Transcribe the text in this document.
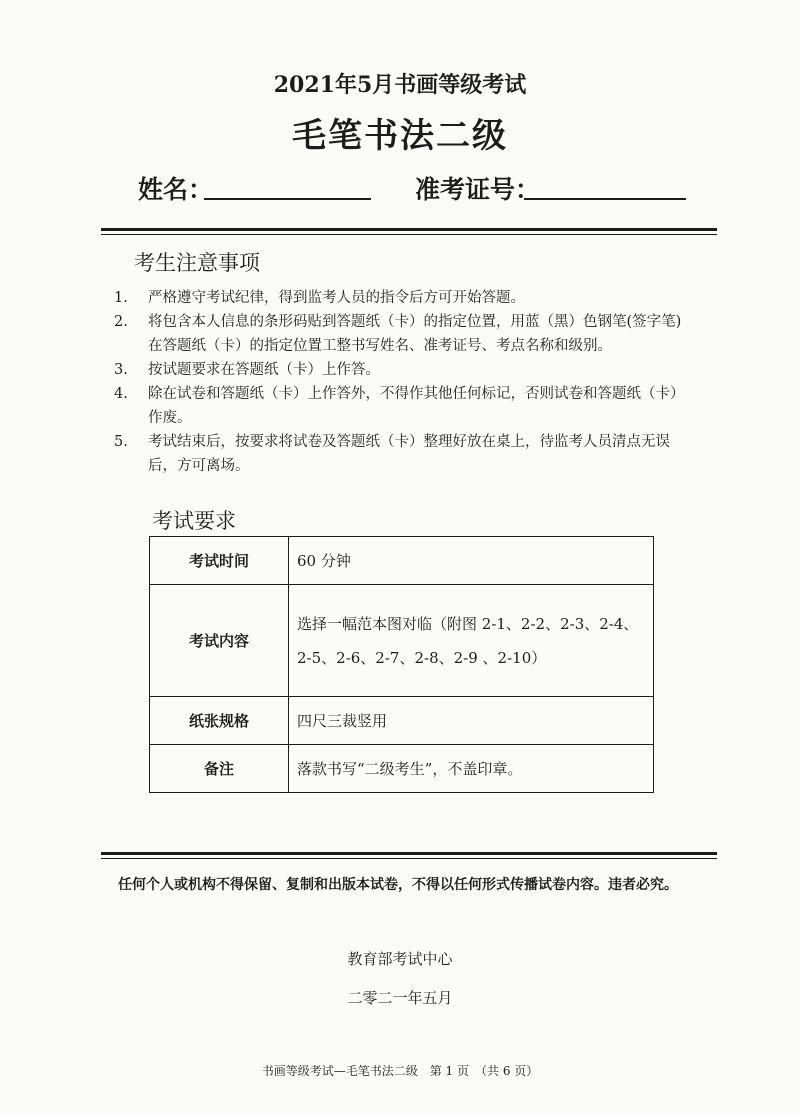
2021年5月书画等级考试
毛笔书法二级
姓名：	准考证号：
考生注意事项
1. 严格遵守考试纪律，得到监考人员的指令后方可开始答题。
2. 将包含本人信息的条形码贴到答题纸（卡）的指定位置，用蓝（黑）色钢笔(签字笔)在答题纸（卡）的指定位置工整书写姓名、准考证号、考点名称和级别。
3. 按试题要求在答题纸（卡）上作答。
4. 除在试卷和答题纸（卡）上作答外，不得作其他任何标记，否则试卷和答题纸（卡）作废。
5. 考试结束后，按要求将试卷及答题纸（卡）整理好放在桌上，待监考人员清点无误后，方可离场。
考试要求
考试时间	60 分钟
考试内容	选择一幅范本图对临（附图 2-1、2-2、2-3、2-4、2-5、2-6、2-7、2-8、2-9 、2-10）
纸张规格	四尺三裁竖用
备注	落款书写“二级考生”，不盖印章。
任何个人或机构不得保留、复制和出版本试卷，不得以任何形式传播试卷内容。违者必究。
教育部考试中心
二零二一年五月
书画等级考试—毛笔书法二级　第 1 页　（共 6 页）
